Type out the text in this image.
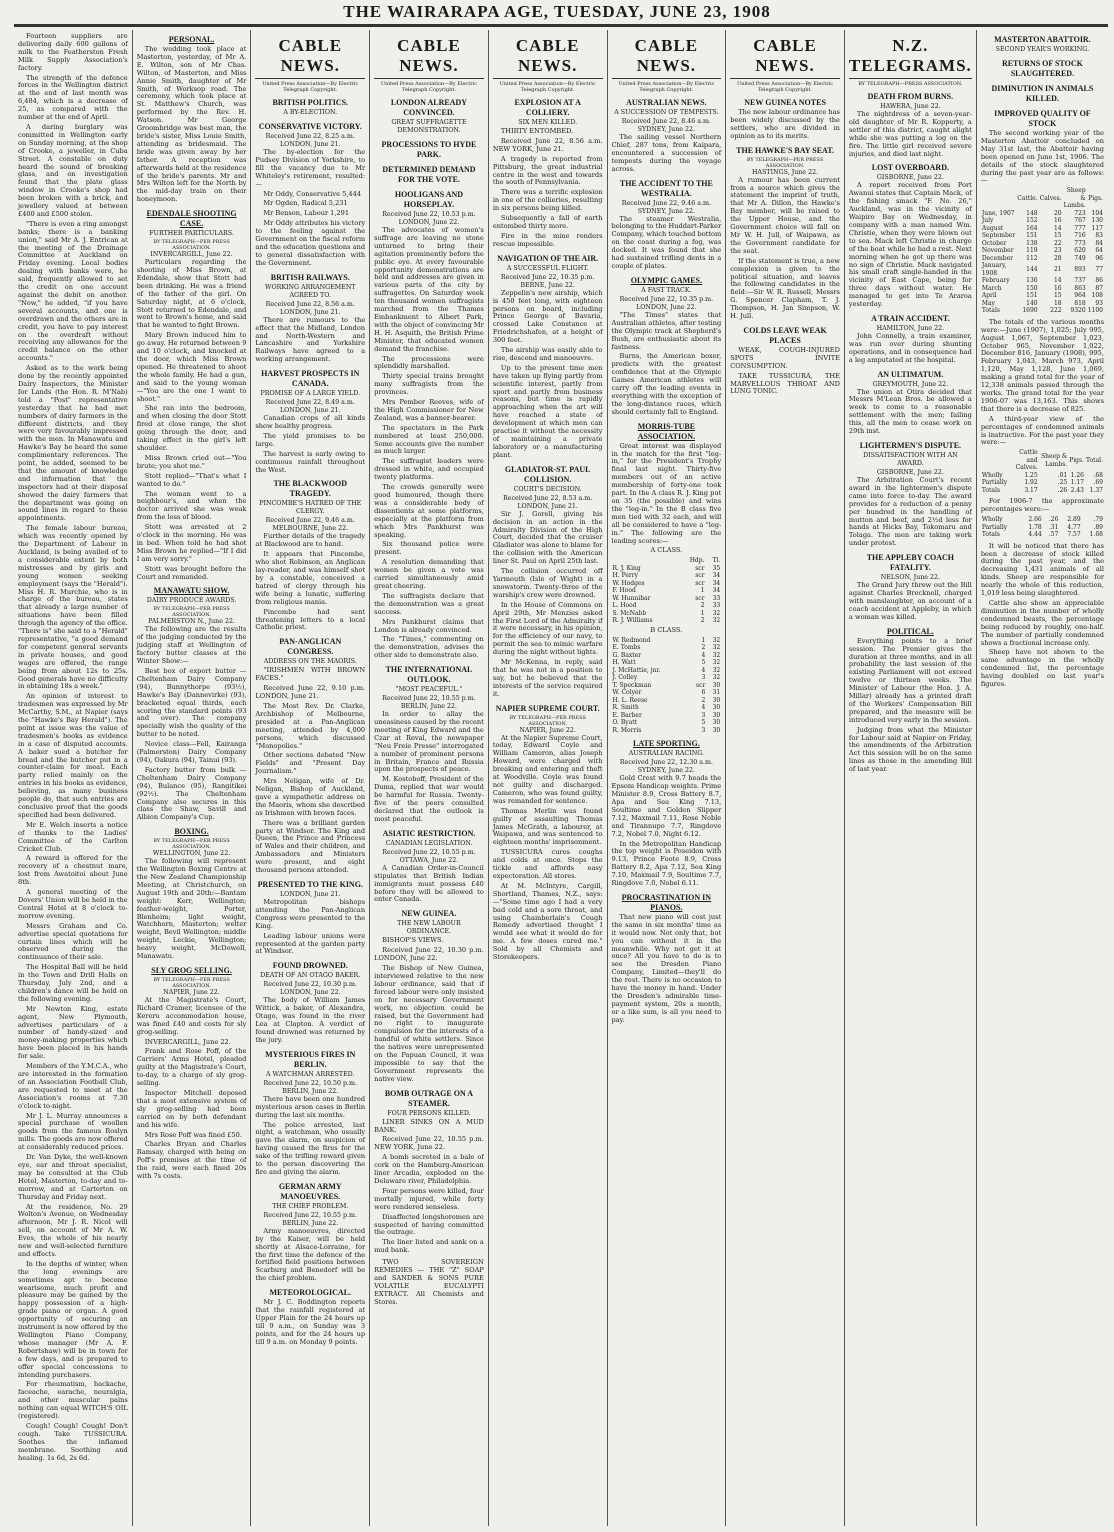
THE WAIRARAPA AGE, TUESDAY, JUNE 23, 1908

Fourteen suppliers are delivering daily 600 gallons of milk to the Featherston Fresh Milk Supply Association's factory.

The strength of the defence forces in the Wellington district at the end of last month was 6,484, which is a decrease of 25, as compared with the number at the end of April.

A daring burglary was committed in Wellington early on Sunday morning, at the shop of Crooke, a jeweller, in Cuba Street. A constable on duty heard the sound of breaking glass, and on investigation found that the plate glass window in Crooke's shop had been broken with a brick, and jewellery valued at between £400 and £500 stolen.

"There is even a ring amongst banks; there is a banking union," said Mr A. J. Entrican at the meeting of the Drainage Committee at Auckland on Friday evening. Local bodies dealing with banks were, he said, frequently allowed to set the credit on one account against the debit on another. "Now," he added, "if you have several accounts, and one is overdrawn and the others are in credit, you have to pay interest on the overdraft without receiving any allowance for the credit balance on the other accounts."

Asked as to the work being done by the recently appointed Dairy Inspectors, the Minister for Lands (the Hon. R. M'Nab) told a "Post" representative yesterday that he had met numbers of dairy farmers in the different districts, and they were very favourably impressed with the men. In Manawatu and Hawke's Bay he heard the same complimentary references. The point, he added, seemed to be that the amount of knowledge and information that the inspectors had at their disposal showed the dairy farmers that the department was going on sound lines in regard to these appointments.

The female labour bureau, which was recently opened by the Department of Labour in Auckland, is being availed of to a considerable extent by both mistresses and by girls and young women seeking employment (says the "Herald"). Miss H. R. Murchie, who is in charge of the bureau, states that already a large number of situations have been filled through the agency of the office. "There is" she said to a "Herald" representative, "a good demand for competent general servants in private houses, and good wages are offered, the range being from about 12s to 25s. Good generals have no difficulty in obtaining 18s a week."

An opinion of interest to tradesmen was expressed by Mr McCarthy, S.M., at Napier (says the "Hawke's Bay Herald"). The point at issue was the value of tradesmen's books as evidence in a case of disputed accounts. A baker sued a butcher for bread and the butcher put in a counter-claim for meat. Each party relied mainly on the entries in his books as evidence, believing, as many business people do, that such entries are conclusive proof that the goods specified had been delivered.

Mr E. Welch inserts a notice of thanks to the Ladies' Committee of the Carlton Cricket Club.

A reward is offered for the recovery of a chestnut mare, lost from Awatoitoi about June 8th.

A general meeting of the Dovers' Union will be held in the Central Hotel at 8 o'clock to-morrow evening.

Messrs Graham and Co. advertise special quotations for curtain lines which will be observed during the continuance of their sale.

The Hospital Ball will be held in the Town and Drill Halls on Thursday, July 2nd, and a children's dance will be held on the following evening.

Mr Newton King, estate agent, New Plymouth, advertises particulars of a number of handy-sized and money-making properties which have been placed in his hands for sale.

Members of the Y.M.C.A., who are interested in the formation of an Association Football Club, are requested to meet at the Association's rooms at 7.30 o'clock to-night.

Mr J. L. Murray announces a special purchase of woollen goods from the famous Roslyn mills. The goods are now offered at considerably reduced prices.

Dr. Van Dyke, the well-known eye, ear and throat specialist, may be consulted at the Club Hotel, Masterton, to-day and to-morrow, and at Carterton on Thursday and Friday next.

At the residence, No. 29 Wolton's Avenue, on Wednesday afternoon, Mr J. R. Nicol will sell, on account of Mr A. W. Eves, the whole of his nearly new and well-selected furniture and effects.

In the depths of winter, when the long evenings are sometimes apt to become wearisome, much profit and pleasure may be gained by the happy possession of a high-grade piano or organ. A good opportunity of securing an instrument is now offered by the Wellington Piano Company, whose manager (Mr A. F. Robertshaw) will be in town for a few days, and is prepared to offer special concessions to intending purchasers.

For rheumatism, backache, faceache, earache, neuralgia, and other muscular pains nothing can equal WITCH'S OIL (registered).

Cough! Cough! Cough! Don't cough. Take TUSSICURA. Soothes the inflamed membrane. Soothing and healing. 1s 6d, 2s 6d.

PERSONAL.

The wedding took place at Masterton, yesterday, of Mr A. E. Wilton, son of Mr Chas. Wilton, of Masterton, and Miss Annie Smith, daughter of Mr Smith, of Worksop road. The ceremony, which took place at St. Matthew's Church, was performed by the Rev. H. Watson. Mr George Groombridge was best man, the bride's sister, Miss Louie Smith, attending as bridesmaid. The bride was given away by her father. A reception was afterwards held at the residence of the bride's parents. Mr and Mrs Wilton left for the North by the mid-day train on their honeymoon.

EDENDALE SHOOTING CASE.
FURTHER PARTICULARS.
BY TELEGRAPH—PER PRESS ASSOCIATION.
INVERCARGILL, June 22.

Particulars regarding the shooting of Miss Brown, at Edendale, show that Stott had been drinking. He was a friend of the father of the girl. On Saturday night, at 6 o'clock, Stott returned to Edendale, and went to Brown's home, and said that he wanted to fight Brown.

Mary Brown induced him to go away. He returned between 9 and 10 o'clock, and knocked at the door, which Miss Brown opened. He threatened to shoot the whole family. He had a gun, and said to the young woman—"You are the one I want to shoot."

She ran into the bedroom, and when closing the door Stott fired at close range, the shot going through the door, and taking effect in the girl's left shoulder.

Miss Brown cried out—"You brute; you shot me."

Stott replied—"That's what I wanted to do."

The woman went to a neighbour's, and when the doctor arrived she was weak from the loss of blood.

Stott was arrested at 2 o'clock in the morning. He was in bed. When told he had shot Miss Brown he replied—"If I did I am very sorry."

Stott was brought before the Court and remanded.

MANAWATU SHOW.
DAIRY PRODUCE AWARDS.
BY TELEGRAPH—PER PRESS ASSOCIATION.
PALMERSTON N., June 22.

The following are the results of the judging conducted by the judging staff at Wellington of factory butter classes at the Winter Show:—

Best box of export butter — Cheltenham Dairy Company (94), Bunnythorpe (93½), Hawke's Bay (Dannevirke) (93), bracketed equal thirds, each scoring the standard points (93 and over). The company specially wish the quality of the butter to be noted.

Novice class—Fell, Kairanga (Palmerston) Dairy Company (94), Oakura (94), Tainui (93).

Factory butter from bulk — Cheltenham Dairy Company (94), Bulance (95), Rangitikei (92½). The Cheltenham Company also secures in this class the Shaw, Savill and Albion Company's Cup.

BOXING.
BY TELEGRAPH—PER PRESS ASSOCIATION.
WELLINGTON, June 22.

The following will represent the Wellington Boxing Centre at the New Zealand Championship Meeting, at Christchurch, on August 19th and 20th:—Bantam weight: Kerr, Wellington; feather-weight, Porter, Blenheim; light weight, Watchhorn, Masterton; welter weight, Bevil Wellington; middle weight, Leckie, Wellington; heavy weight, McDowell, Manawatu.

SLY GROG SELLING.
BY TELEGRAPH—PER PRESS ASSOCIATION.
NAPIER, June 22.

At the Magistrate's Court, Richard Cramer, licensee of the Kereru accommodation house, was fined £40 and costs for sly grog-selling.

INVERCARGILL, June 22.

Frank and Rose Poff, of the Carriers' Arms Hotel, pleaded guilty at the Magistrate's Court, to-day, to a charge of sly grog-selling.

Inspector Mitchell deposed that a most extensive system of sly grog-selling had been carried on by both defendant and his wife.

Mrs Rose Poff was fined £50.

Charles Bryan and Charles Ramsay, charged with being on Poff's premises at the time of the raid, were each fined 20s with 7s costs.

CABLE NEWS.
United Press Association—By Electric Telegraph Copyright.
BRITISH POLITICS.
A BY-ELECTION.
CONSERVATIVE VICTORY.
Received June 22, 8.25 a.m. LONDON, June 21.

The by-election for the Pudsey Division of Yorkshire, to fill the vacancy due to Mr Whiteley's retirement, resulted:—

Mr Oddy, Conservative 5,444

Mr Ogden, Radical 5,231

Mr Benson, Labour 1,291

Mr Oddy attributes his victory to the feeling against the Government on the fiscal reform and the education questions and to general dissatisfaction with the Government.

BRITISH RAILWAYS.
WORKING ARRANGEMENT AGREED TO.
Received June 22, 8.56 a.m. LONDON, June 21.

There are rumours to the effect that the Midland, London and North-Western and Lancashire and Yorkshire Railways have agreed to a working arrangement.

HARVEST PROSPECTS IN CANADA.
PROMISE OF A LARGE YIELD.
Received June 22, 8.49 a.m. LONDON, June 21.

Canadian crops of all kinds show healthy progress.

The yield promises to be large.

The harvest is early owing to continuous rainfall throughout the West.

THE BLACKWOOD TRAGEDY.
PINCOMBE'S HATRED OF THE CLERGY.
Received June 22, 9.46 a.m. MELBOURNE, June 22.

Further details of the tragedy at Blackwood are to hand.

It appears that Pincombe, who shot Robinson, an Anglican lay-reader, and was himself shot by a constable, conceived a hatred of clergy through his wife being a lunatic, suffering from religious mania.

Pincombe had sent threatening letters to a local Catholic priest.

PAN-ANGLICAN CONGRESS.
ADDRESS ON THE MAORIS.

"IRISHMEN WITH BROWN FACES."

Received June 22, 9.10 p.m. LONDON, June 21.

The Most Rev. Dr. Clarke, Archbishop of Melbourne, presided at a Pan-Anglican meeting, attended by 4,000 persons, which discussed "Monopolies."

Other sections debated "New Fields" and "Present Day Journalism."

Mrs Neligan, wife of Dr. Neligan, Bishop of Auckland, gave a sympathetic address on the Maoris, whom she described as Irishmen with brown faces.

There was a brilliant garden party at Windsor. The King and Queen, the Prince and Princess of Wales and their children, and Ambassadors and Ministers were present, and eight thousand persons attended.

PRESENTED TO THE KING.
LONDON, June 21.

Metropolitan bishops attending the Pan-Anglican Congress were presented to the King.

Leading labour unions were represented at the garden party at Windsor.

FOUND DROWNED.
DEATH OF AN OTAGO BAKER.
Received June 22, 10.30 p.m. LONDON, June 22.

The body of William James Wittick, a baker, of Alexandra, Otago, was found in the river Lea at Clapton. A verdict of found drowned was returned by the jury.

MYSTERIOUS FIRES IN BERLIN.
A WATCHMAN ARRESTED.
Received June 22, 10.50 p.m. BERLIN, June 22.

There have been one hundred mysterious arson cases in Berlin during the last six months.

The police arrested, last night, a watchman, who usually gave the alarm, on suspicion of having caused the fires for the sake of the trifling reward given to the person discovering the fire and giving the alarm.

GERMAN ARMY MANOEUVRES.
THE CHIEF PROBLEM.
Received June 22, 10.55 p.m. BERLIN, June 22.

Army manoeuvres, directed by the Kaiser, will be held shortly at Alsace-Lorraine, for the first time the defence of the fortified field positions between Scarburg and Benedorf will be the chief problem.

METEOROLOGICAL.

Mr J. C. Boddington reports that the rainfall registered at Upper Plain for the 24 hours up till 9 a.m., on Sunday was 3 points, and for the 24 hours up till 9 a.m. on Monday 9 points.

CABLE NEWS.
United Press Association—By Electric Telegraph Copyright.
LONDON ALREADY CONVINCED.
GREAT SUFFRAGETTE DEMONSTRATION.
PROCESSIONS TO HYDE PARK.
DETERMINED DEMAND FOR THE VOTE.
HOOLIGANS AND HORSEPLAY.
Received June 22, 10.53 p.m. LONDON, June 22.

The advocates of women's suffrage are leaving no stone unturned to bring their agitation prominently before the public eye. At every favourable opportunity demonstrations are held and addresses are given in various parts of the city by suffragettes. On Saturday week ten thousand women suffragists marched from the Thames Embankment to Albert Park, with the object of convincing Mr H. H. Asquith, the British Prime Minister, that educated women demand the franchise.

The processions were splendidly marshalled.

Thirty special trains brought many suffragists from the provinces.

Mrs Pember Reeves, wife of the High Commissioner for New Zealand, was a banner-bearer.

The spectators in the Park numbered at least 250,000. Some accounts give the number as much larger.

The suffragist leaders were dressed in white, and occupied twenty platforms.

The crowds generally were good humoured, though there was a considerable body of dissentients at some platforms, especially at the platform from which Mrs Pankhurst was speaking.

Six thousand police were present.

A resolution demanding that women be given a vote was carried simultaneously amid great cheering.

The suffragists declare that the demonstration was a great success.

Mrs Pankhurst claims that London is already convinced.

The "Times," commenting on the demonstration, advises the other side to demonstrate also.

THE INTERNATIONAL OUTLOOK.
"MOST PEACEFUL."
Received June 22, 10.55 p.m. BERLIN, June 22.

In order to allay the uneasiness caused by the recent meeting of King Edward and the Czar at Reval, the newspaper "Neu Freie Presse" interrogated a number of prominent persons in Britain, France and Russia upon the prospects of peace.

M. Kostoboff, President of the Duma, replied that war would be harmful for Russia. Twenty-five of the peers consulted declared that the outlook is most peaceful.

ASIATIC RESTRICTION.
CANADIAN LEGISLATION.
Received June 22, 10.55 p.m. OTTAWA, June 22.

A Canadian Order-in-Council stipulates that British Indian immigrants must possess £40 before they will be allowed to enter Canada.

NEW GUINEA.
THE NEW LABOUR ORDINANCE.

BISHOP'S VIEWS.

Received June 22, 10.30 p.m. LONDON, June 22.

The Bishop of New Guinea, interviewed relative to the new labour ordinance, said that if forced labour were only insisted on for necessary Government work, no objection could be raised, but the Government had no right to inaugurate compulsion for the interests of a handful of white settlers. Since the natives were unrepresented on the Papuan Council, it was impossible to say that the Government represents the native view.

BOMB OUTRAGE ON A STEAMER.
FOUR PERSONS KILLED.

LINER SINKS ON A MUD BANK.

Received June 22, 10.55 p.m. NEW YORK, June 22.

A bomb secreted in a bale of cork on the Hamburg-American liner Arcadia, exploded on the Delaware river, Philadelphia.

Four persons were killed, four mortally injured, while forty were rendered senseless.

Disaffected longshoremen are suspected of having committed the outrage.

The liner listed and sank on a mud bank.

TWO SOVEREIGN REMEDIES — THE "Z" SOAP and SANDER & SONS PURE VOLATILE EUCALYPTI EXTRACT. All Chemists and Stores.

CABLE NEWS.
United Press Association—By Electric Telegraph Copyright.
EXPLOSION AT A COLLIERY.
SIX MEN KILLED.

THIRTY ENTOMBED.

Received June 22, 8.56 a.m. NEW YORK, June 21.

A tragedy is reported from Pittsburg, the great industrial centre in the west and towards the south of Pennsylvania.

There was a terrific explosion in one of the collieries, resulting in six persons being killed.

Subsequently a fall of earth entombed thirty more.

Fire in the mine renders rescue impossible.

NAVIGATION OF THE AIR.
A SUCCESSFUL FLIGHT.
Received June 22, 10.35 p.m. BERNE, June 22.

Zeppelin's new airship, which is 450 feet long, with eighteen persons on board, including Prince George of Bavaria, crossed Lake Constance at Friedrichshafen, at a height of 300 feet.

The airship was easily able to rise, descend and manoeuvre.

Up to the present time men have taken up flying partly from scientific interest, partly from sport and partly from business reasons, but time is rapidly approaching when the art will have reached a state of development at which men can practise it without the necessity of maintaining a private laboratory or a manufacturing plant.

GLADIATOR-ST. PAUL COLLISION.
COURT'S DECISION.
Received June 22, 8.53 a.m. LONDON, June 21.

Sir J. Gorell, giving his decision in an action in the Admiralty Division of the High Court, decided that the cruiser Gladiator was alone to blame for the collision with the American liner St. Paul on April 25th last.

The collision occurred off Yarmouth (Isle of Wight) in a snowstorm. Twenty-three of the warship's crew were drowned.

In the House of Commons on April 29th, Mr Menzies asked the First Lord of the Admiralty if it were necessary, in his opinion, for the efficiency of our navy, to permit the sea to mimic warfare during the night without lights.

Mr McKenna, in reply, said that he was not in a position to say, but he believed that the interests of the service required it.

NAPIER SUPREME COURT.
BY TELEGRAPH—PER PRESS ASSOCIATION.
NAPIER, June 22.

At the Napier Supreme Court, today, Edward Coyle and William Cameron, alias Joseph Howard, were charged with breaking and entering and theft at Woodville. Coyle was found not guilty and discharged. Cameron, who was found guilty, was remanded for sentence.

Thomas Merlin was found guilty of assaulting Thomas James McGrath, a labourer, at Waipawa, and was sentenced to eighteen months' imprisonment.

TUSSICURA cures coughs and colds at once. Stops the tickle and affords easy expectoration. All stores.

At M. McIntyre, Cargill, Shortland, Thames, N.Z., says:—"Some time ago I had a very bad cold and a sore throat, and using Chamberlain's Cough Remedy advertised thought I would see what it would do for me. A few doses cured me." Sold by all Chemists and Storekeepers.

CABLE NEWS.
United Press Association—By Electric Telegraph Copyright.
AUSTRALIAN NEWS.
A SUCCESSION OF TEMPESTS.
Received June 22, 8.46 a.m. SYDNEY, June 22.

The sailing vessel Northern Chief, 287 tons, from Kaipara, encountered a succession of tempests during the voyage across.

THE ACCIDENT TO THE WESTRALIA.
Received June 22, 9.46 a.m. SYDNEY, June 22.

The steamer Westralia, belonging to the Huddart-Parker Company, which touched bottom on the coast during a fog, was docked. It was found that she had sustained trifling dents in a couple of plates.

OLYMPIC GAMES.
A FAST TRACK.
Received June 22, 10.35 p.m. LONDON, June 22.

"The Times" states that Australian athletes, after testing the Olympic track at Shepherd's Bush, are enthusiastic about its fastness.

Burns, the American boxer, predicts with the greatest confidence that at the Olympic Games American athletes will carry off the leading events in everything with the exception of the long-distance races, which should certainly fall to England.

MORRIS-TUBE ASSOCIATION.

Great interest was displayed in the match for the first "leg-in," for the President's Trophy final last night. Thirty-five members out of an active membership of forty-one took part. In the A class R. J. King put on 35 (the possible) and wins the "leg-in." In the B class five men tied with 32 each, and will all be considered to have a "leg-in." The following are the leading scores:—

A CLASS.
	Hdp.	Tl.
R. J. King	scr	35
H. Perry	scr	34
W. Hodges	scr	34
F. Hood	1	34
W. Hunnibar	scr	33
L. Hood	2	33
S. McNabb	1	32
R. J. Williams	2	32
B CLASS.
W. Redmond	1	32
E. Tombs	2	32
G. Baxter	4	32
H. Watt	5	32
J. McHattie, jnr.	4	32
J. Colley	3	32
T. Speckman	scr	30
W. Colyer	6	31
H. L. Reese	2	30
R. Smith	4	30
E. Barber	3	30
O. Byatt	5	30
R. Morris	3	30
LATE SPORTING.
AUSTRALIAN RACING.
Received June 22, 12.30 a.m. SYDNEY, June 22.

Gold Crest with 9.7 heads the Epsom Handicap weights. Prime Minister 8.9, Cross Battery 8.7, Apa and Sea King 7.13, Soultime and Golden Slipper 7.12, Maxmail 7.11, Rose Noble and Tirannupo 7.7, Ringdove 7.2, Nobel 7.0, Night 6.12.

In the Metropolitan Handicap the top weight is Poseidon with 9.13, Prince Foote 8.9, Cross Battery 8.2, Apa 7.12, Sea King 7.10, Maxmail 7.9, Soultime 7.7, Ringdove 7.0, Nobel 6.11.

PROCRASTINATION IN PIANOS.

That new piano will cost just the same in six months' time as it would now. Not only that, but you can without it in the meanwhile. Why not get it at once? All you have to do is to see the Dresden Piano Company, Limited—they'll do the rest. There is no occasion to have the money in hand. Under the Dresden's admirable time-payment system, 20s a month, or a like sum, is all you need to pay.

CABLE NEWS.
United Press Association—By Electric Telegraph Copyright.
NEW GUINEA NOTES

The new labour ordinance has been widely discussed by the settlers, who are divided in opinion as to its merits.

THE HAWKE'S BAY SEAT.
BY TELEGRAPH—PER PRESS ASSOCIATION.
HASTINGS, June 22.

A rumour has been current from a source which gives the statement the imprint of truth, that Mr A. Dillon, the Hawke's Bay member, will be raised to the Upper House, and the Government choice will fall on Mr W. H. Jull, of Waipawa, as the Government candidate for the seat.

If the statement is true, a new complexion is given to the political situation, and leaves the following candidates in the field:—Sir W. R. Russell, Messrs G. Spencer Clapham, T. J. Thompson, H. Jan Simpson, W. H. Jull.

COLDS LEAVE WEAK PLACES

WEAK, COUGH-INJURED SPOTS INVITE CONSUMPTION.

TAKE TUSSICURA, THE MARVELLOUS THROAT AND LUNG TONIC.

N.Z. TELEGRAMS.
BY TELEGRAPH—PRESS ASSOCIATION.
DEATH FROM BURNS.
HAWERA, June 22.

The nightdress of a seven-year-old daughter of Mr R. Kopperty, a settler of this district, caught alight while she was putting a log on the fire. The little girl received severe injuries, and died last night.

LOST OVERBOARD.
GISBORNE, June 22.

A report received from Port Awanui states that Captain Mack, of the fishing smack "F. No. 26," Auckland, was in the vicinity of Waipiro Bay on Wednesday, in company with a man named Wm. Christie, when they were blown out to sea. Mack left Christie in charge of the boat while he had a rest. Next morning when he got up there was no sign of Christie. Mack navigated his small craft single-handed in the vicinity of East Cape, being for three days without water. He managed to get into Te Araroa yesterday.

A TRAIN ACCIDENT.
HAMILTON, June 22.

John Connelly, a train examiner, was run over during shunting operations, and in consequence had a leg amputated at the hospital.

AN ULTIMATUM.
GREYMOUTH, June 22.

The union at Otira decided that Messrs M'Lean Bros. be allowed a week to come to a reasonable settlement with the men; failing this, all the men to cease work on 29th inst.

LIGHTERMEN'S DISPUTE.
DISSATISFACTION WITH AN AWARD.
GISBORNE, June 22.

The Arbitration Court's recent award in the lightermen's dispute came into force to-day. The award provides for a reduction of a penny per hundred in the handling of mutton and beef, and 2½d less for hands at Hicks Bay, Tokomaru and Tolaga. The men are taking work under protest.

THE APPLEBY COACH FATALITY.
NELSON, June 22.

The Grand Jury threw out the Bill against Charles Brecknell, charged with manslaughter, on account of a coach accident at Appleby, in which a woman was killed.

POLITICAL.

Everything points to a brief session. The Premier gives the duration at three months, and in all probability the last session of the existing Parliament will not exceed twelve or thirteen weeks. The Minister of Labour (the Hon. J. A. Millar) already has a printed draft of the Workers' Compensation Bill prepared, and the measure will be introduced very early in the session.

Judging from what the Minister for Labour said at Napier on Friday, the amendments of the Arbitration Act this session will be on the same lines as those in the amending Bill of last year.

MASTERTON ABATTOIR.
SECOND YEAR'S WORKING.
RETURNS OF STOCK SLAUGHTERED.
DIMINUTION IN ANIMALS KILLED.
IMPROVED QUALITY OF STOCK

The second working year of the Masterton Abattoir concluded on May 31st last, the Abattoir having been opened on June 1st, 1906. The details of the stock slaughtered during the past year are as follows:—

	Cattle.	Calves.	Sheep & Lambs.	Pigs.
June, 1907	148	20	723	104
July	152	16	767	130
August	164	14	777	117
September	151	15	716	83
October	138	22	773	84
November	119	23	620	64
December	112	28	749	96
January, 1908	144	21	893	77
February	136	14	737	86
March	150	16	863	87
April	151	15	964	108
May	140	18	818	93
Totals	1690	222	9320	1100

The totals of the various months were:—June (1907), 1,025; July 995, August 1,067, September 1,023, October 965, November 1,022, December 816, January (1908), 995, February 1,043, March 973, April 1,120, May 1,128, June 1,069, making a grand total for the year of 12,338 animals passed through the works. The grand total for the year 1906-07 was 13,163. This shows that there is a decrease of 825.

A third-year view of the percentages of condemned animals is instructive. For the past year they were:—

	Cattle and Calves.	Sheep & Lambs.	Pigs.	Total.
Wholly	1.25	.01	1.26	.68
Partially	1.92	.25	1.17	.69
Totals	3.17	.26	2.43	1.37

For 1906-7 the approximate percentages were:—

Wholly	2.66	.26	2.89	.79
Partially	1.78	.31	4.77	.89
Totals	4.44	.57	7.57	1.68

It will be noticed that there has been a decrease of stock killed during the past year, and the decreasing 1,431 animals of all kinds. Sheep are responsible for nearly the whole of this reduction, 1,019 less being slaughtered.

Cattle also show an appreciable diminution in the number of wholly condemned beasts, the percentage being reduced by roughly, one-half. The number of partially condemned shows a fractional increase only.

Sheep have not shown to the same advantage in the wholly condemned list, the percentage having doubled on last year's figures.
